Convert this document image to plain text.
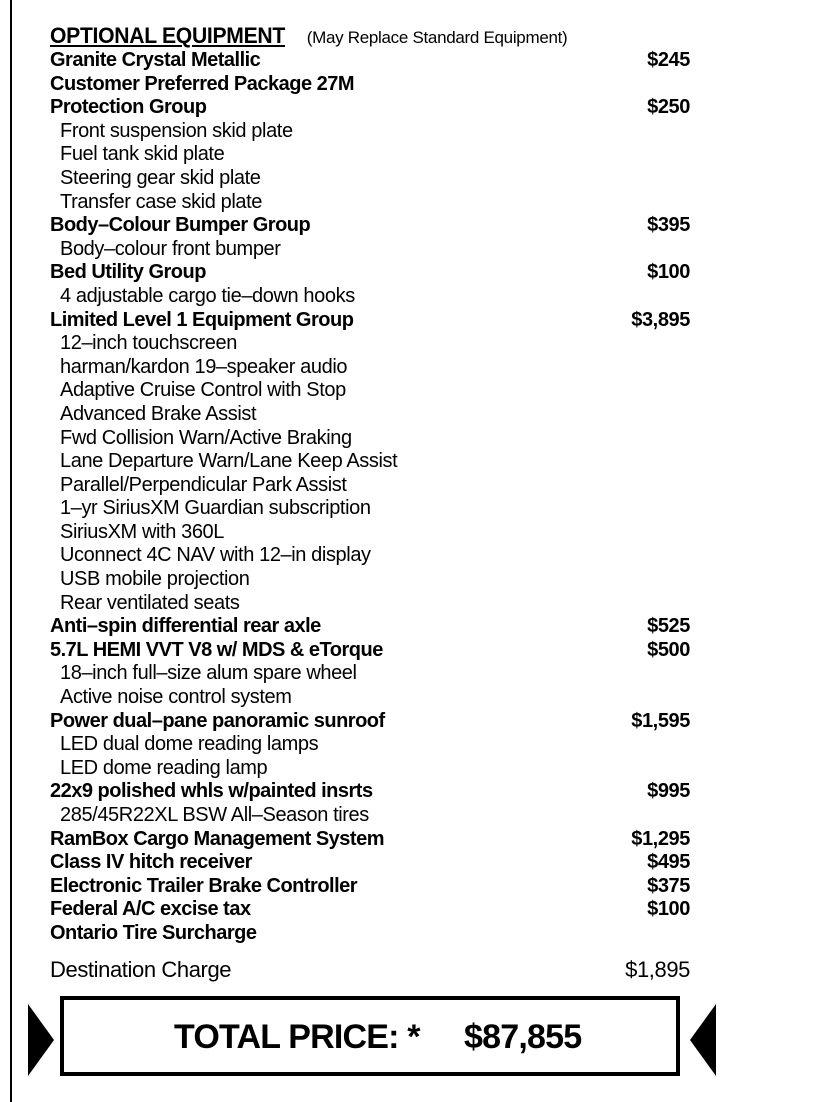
OPTIONAL EQUIPMENT (May Replace Standard Equipment)
Granite Crystal Metallic	$245
Customer Preferred Package 27M
Protection Group	$250
Front suspension skid plate
Fuel tank skid plate
Steering gear skid plate
Transfer case skid plate
Body–Colour Bumper Group	$395
Body–colour front bumper
Bed Utility Group	$100
4 adjustable cargo tie–down hooks
Limited Level 1 Equipment Group	$3,895
12–inch touchscreen
harman/kardon 19–speaker audio
Adaptive Cruise Control with Stop
Advanced Brake Assist
Fwd Collision Warn/Active Braking
Lane Departure Warn/Lane Keep Assist
Parallel/Perpendicular Park Assist
1–yr SiriusXM Guardian subscription
SiriusXM with 360L
Uconnect 4C NAV with 12–in display
USB mobile projection
Rear ventilated seats
Anti–spin differential rear axle	$525
5.7L HEMI VVT V8 w/ MDS & eTorque	$500
18–inch full–size alum spare wheel
Active noise control system
Power dual–pane panoramic sunroof	$1,595
LED dual dome reading lamps
LED dome reading lamp
22x9 polished whls w/painted insrts	$995
285/45R22XL BSW All–Season tires
RamBox Cargo Management System	$1,295
Class IV hitch receiver	$495
Electronic Trailer Brake Controller	$375
Federal A/C excise tax	$100
Ontario Tire Surcharge
Destination Charge	$1,895
TOTAL PRICE: * $87,855
